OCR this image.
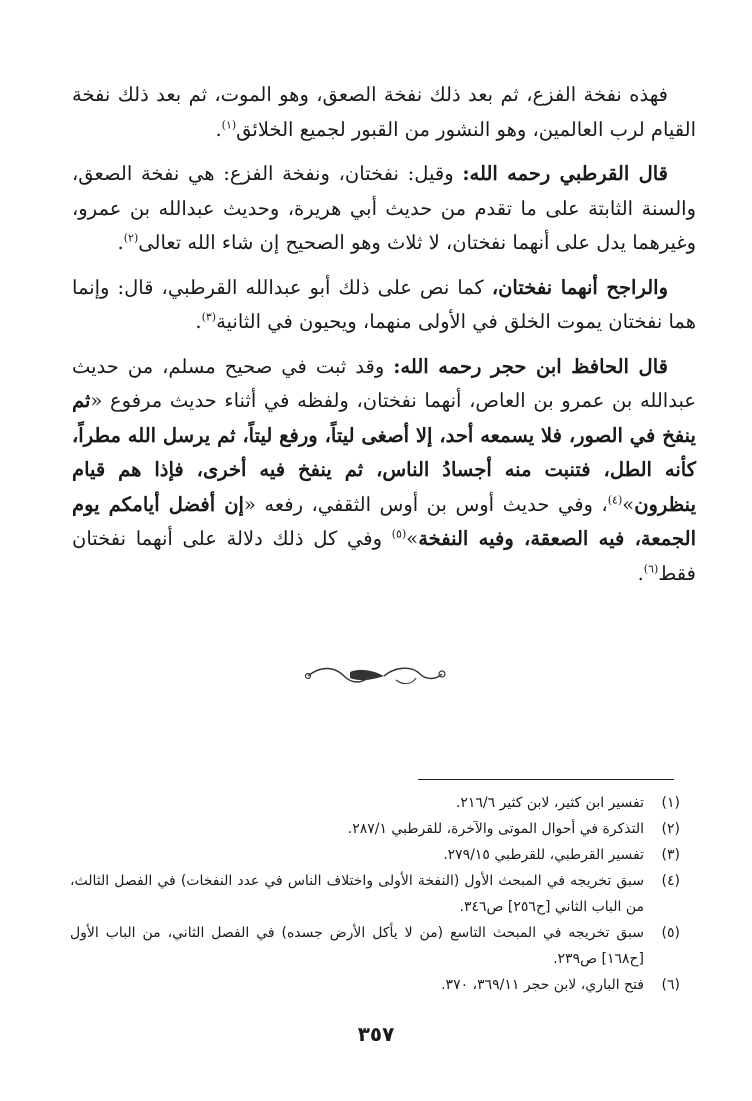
فهذه نفخة الفزع، ثم بعد ذلك نفخة الصعق، وهو الموت، ثم بعد ذلك نفخة القيام لرب العالمين، وهو النشور من القبور لجميع الخلائق$^{(١)}$.

قال القرطبي رحمه الله: وقيل: نفختان، ونفخة الفزع: هي نفخة الصعق، والسنة الثابتة على ما تقدم من حديث أبي هريرة، وحديث عبدالله بن عمرو، وغيرهما يدل على أنهما نفختان، لا ثلاث وهو الصحيح إن شاء الله تعالى$^{(٢)}$.

والراجح أنهما نفختان، كما نص على ذلك أبو عبدالله القرطبي، قال: وإنما هما نفختان يموت الخلق في الأولى منهما، ويحيون في الثانية$^{(٣)}$.

قال الحافظ ابن حجر رحمه الله: وقد ثبت في صحيح مسلم، من حديث عبدالله بن عمرو بن العاص، أنهما نفختان، ولفظه في أثناء حديث مرفوع «ثم ينفخ في الصور، فلا يسمعه أحد، إلا أصغى ليتاً، ورفع ليتاً، ثم يرسل الله مطراً، كأنه الطل، فتنبت منه أجسادُ الناس، ثم ينفخ فيه أخرى، فإذا هم قيام ينظرون»$^{(٤)}$، وفي حديث أوس بن أوس الثقفي، رفعه «إن أفضل أيامكم يوم الجمعة، فيه الصعقة، وفيه النفخة»$^{(٥)}$ وفي كل ذلك دلالة على أنهما نفختان فقط$^{(٦)}$.

(١)
تفسير ابن كثير، لابن كثير ٢١٦/٦.
(٢)
التذكرة في أحوال الموتى والآخرة، للقرطبي ٢٨٧/١.
(٣)
تفسير القرطبي، للقرطبي ٢٧٩/١٥.
(٤)
سبق تخريجه في المبحث الأول (النفخة الأولى واختلاف الناس في عدد النفخات) في الفصل الثالث، من الباب الثاني [ح٢٥٦] ص٣٤٦.
(٥)
سبق تخريجه في المبحث التاسع (من لا يأكل الأرض جسده) في الفصل الثاني، من الباب الأول [ح١٦٨] ص٢٣٩.
(٦)
فتح الباري، لابن حجر ٣٦٩/١١، ٣٧٠.
٣٥٧
